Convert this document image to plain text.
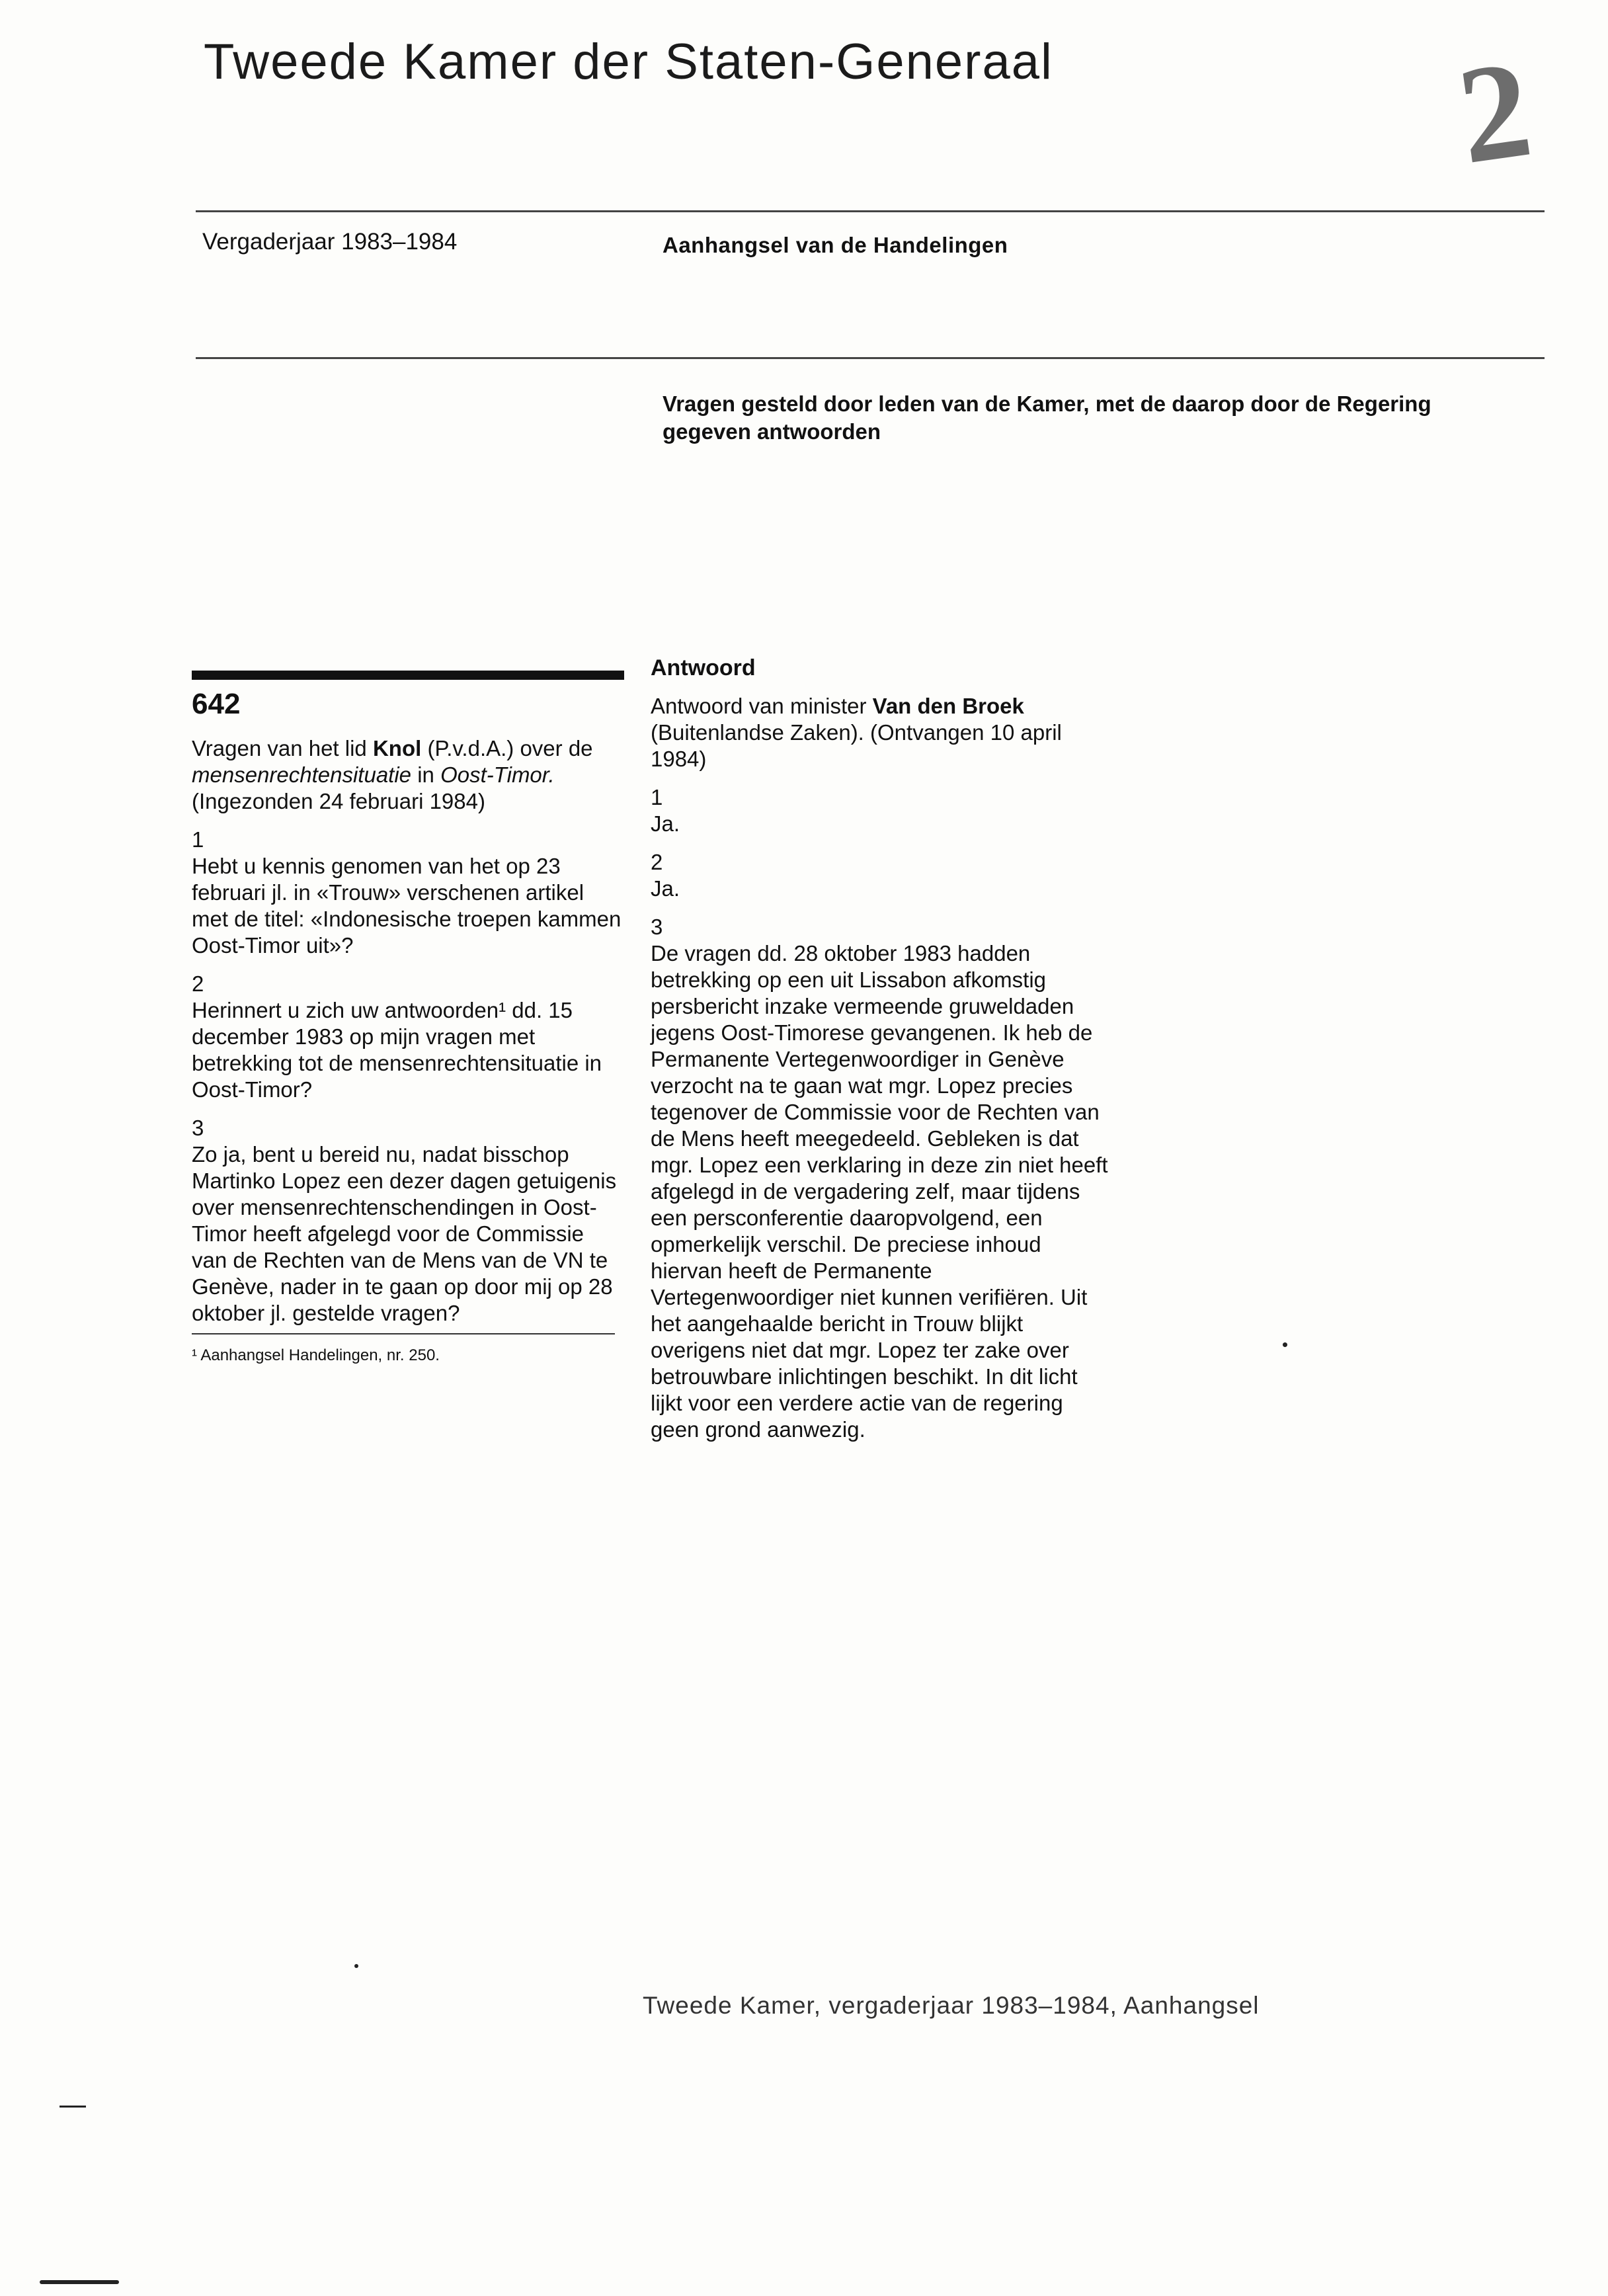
Tweede Kamer der Staten-Generaal	2
Vergaderjaar 1983–1984	Aanhangsel van de Handelingen
Vragen gesteld door leden van de Kamer, met de daarop door de Regering gegeven antwoorden
642

Vragen van het lid Knol (P.v.d.A.) over de mensenrechtensituatie in Oost-Timor. (Ingezonden 24 februari 1984)

1

Hebt u kennis genomen van het op 23 februari jl. in «Trouw» verschenen artikel met de titel: «Indonesische troepen kammen Oost-Timor uit»?

2

Herinnert u zich uw antwoorden¹ dd. 15 december 1983 op mijn vragen met betrekking tot de mensenrechtensituatie in Oost-Timor?

3

Zo ja, bent u bereid nu, nadat bisschop Martinko Lopez een dezer dagen getuigenis over mensenrechtenschendingen in Oost-Timor heeft afgelegd voor de Commissie van de Rechten van de Mens van de VN te Genève, nader in te gaan op door mij op 28 oktober jl. gestelde vragen?

¹ Aanhangsel Handelingen, nr. 250.

Antwoord

Antwoord van minister Van den Broek (Buitenlandse Zaken). (Ontvangen 10 april 1984)

1

Ja.

2

Ja.

3

De vragen dd. 28 oktober 1983 hadden betrekking op een uit Lissabon afkomstig persbericht inzake vermeende gruweldaden jegens Oost-Timorese gevangenen. Ik heb de Permanente Vertegenwoordiger in Genève verzocht na te gaan wat mgr. Lopez precies tegenover de Commissie voor de Rechten van de Mens heeft meegedeeld. Gebleken is dat mgr. Lopez een verklaring in deze zin niet heeft afgelegd in de vergadering zelf, maar tijdens een persconferentie daaropvolgend, een opmerkelijk verschil. De preciese inhoud hiervan heeft de Permanente Vertegenwoordiger niet kunnen verifiëren. Uit het aangehaalde bericht in Trouw blijkt overigens niet dat mgr. Lopez ter zake over betrouwbare inlichtingen beschikt. In dit licht lijkt voor een verdere actie van de regering geen grond aanwezig.

Tweede Kamer, vergaderjaar 1983–1984, Aanhangsel
